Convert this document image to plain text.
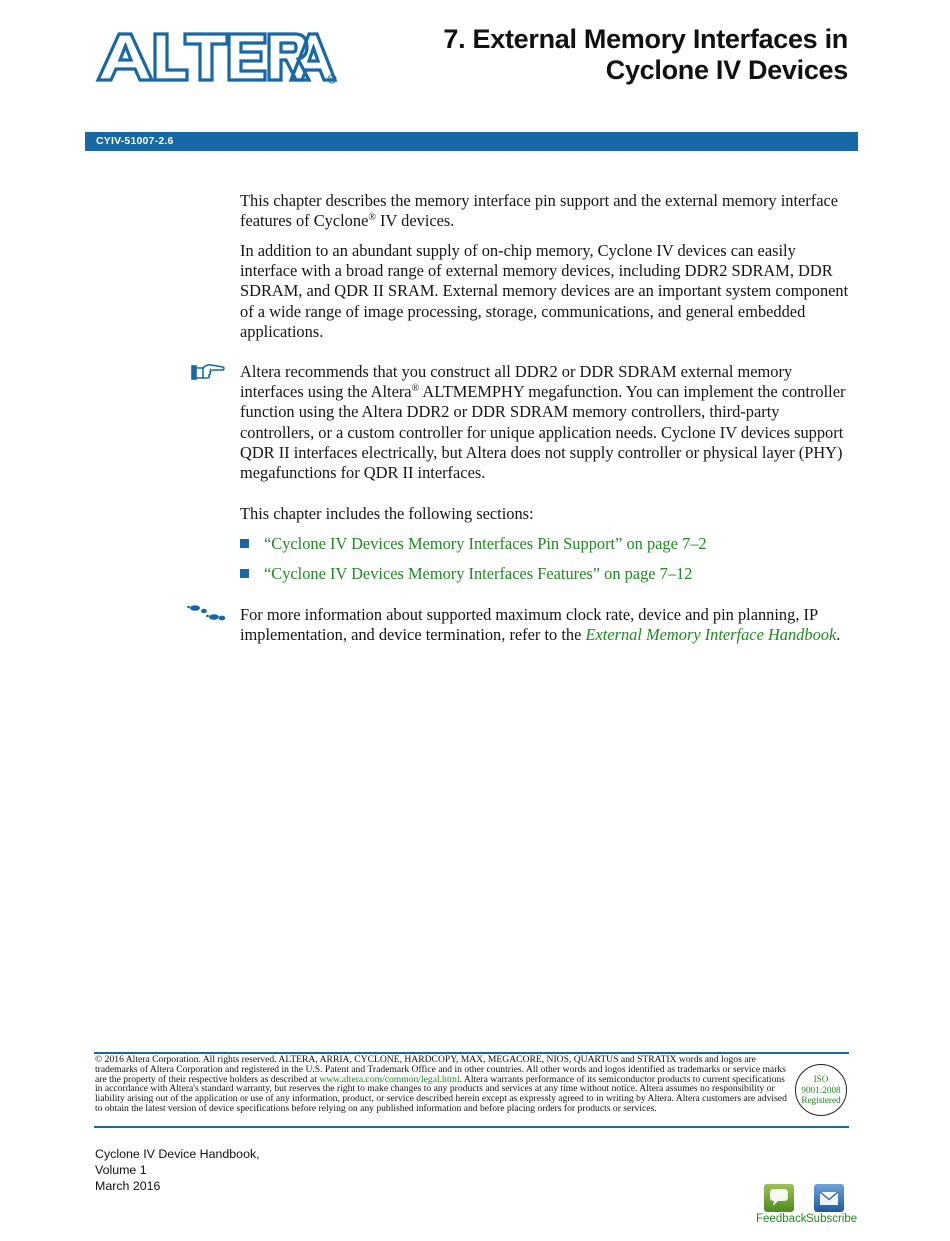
R
7. External Memory Interfaces in
Cyclone IV Devices
CYIV-51007-2.6

This chapter describes the memory interface pin support and the external memory interface features of Cyclone® IV devices.

In addition to an abundant supply of on-chip memory, Cyclone IV devices can easily interface with a broad range of external memory devices, including DDR2 SDRAM, DDR SDRAM, and QDR II SRAM. External memory devices are an important system component of a wide range of image processing, storage, communications, and general embedded applications.

Altera recommends that you construct all DDR2 or DDR SDRAM external memory interfaces using the Altera® ALTMEMPHY megafunction. You can implement the controller function using the Altera DDR2 or DDR SDRAM memory controllers, third-party controllers, or a custom controller for unique application needs. Cyclone IV devices support QDR II interfaces electrically, but Altera does not supply controller or physical layer (PHY) megafunctions for QDR II interfaces.

This chapter includes the following sections:

“Cyclone IV Devices Memory Interfaces Pin Support” on page 7–2
“Cyclone IV Devices Memory Interfaces Features” on page 7–12

For more information about supported maximum clock rate, device and pin planning, IP implementation, and device termination, refer to the External Memory Interface Handbook.

© 2016 Altera Corporation. All rights reserved. ALTERA, ARRIA, CYCLONE, HARDCOPY, MAX, MEGACORE, NIOS, QUARTUS and STRATIX words and logos are trademarks of Altera Corporation and registered in the U.S. Patent and Trademark Office and in other countries. All other words and logos identified as trademarks or service marks are the property of their respective holders as described at www.altera.com/common/legal.html. Altera warrants performance of its semiconductor products to current specifications in accordance with Altera's standard warranty, but reserves the right to make changes to any products and services at any time without notice. Altera assumes no responsibility or liability arising out of the application or use of any information, product, or service described herein except as expressly agreed to in writing by Altera. Altera customers are advised to obtain the latest version of device specifications before relying on any published information and before placing orders for products or services.
ISO
9001:2008
Registered
Cyclone IV Device Handbook,
Volume 1
March 2016
Feedback Subscribe
